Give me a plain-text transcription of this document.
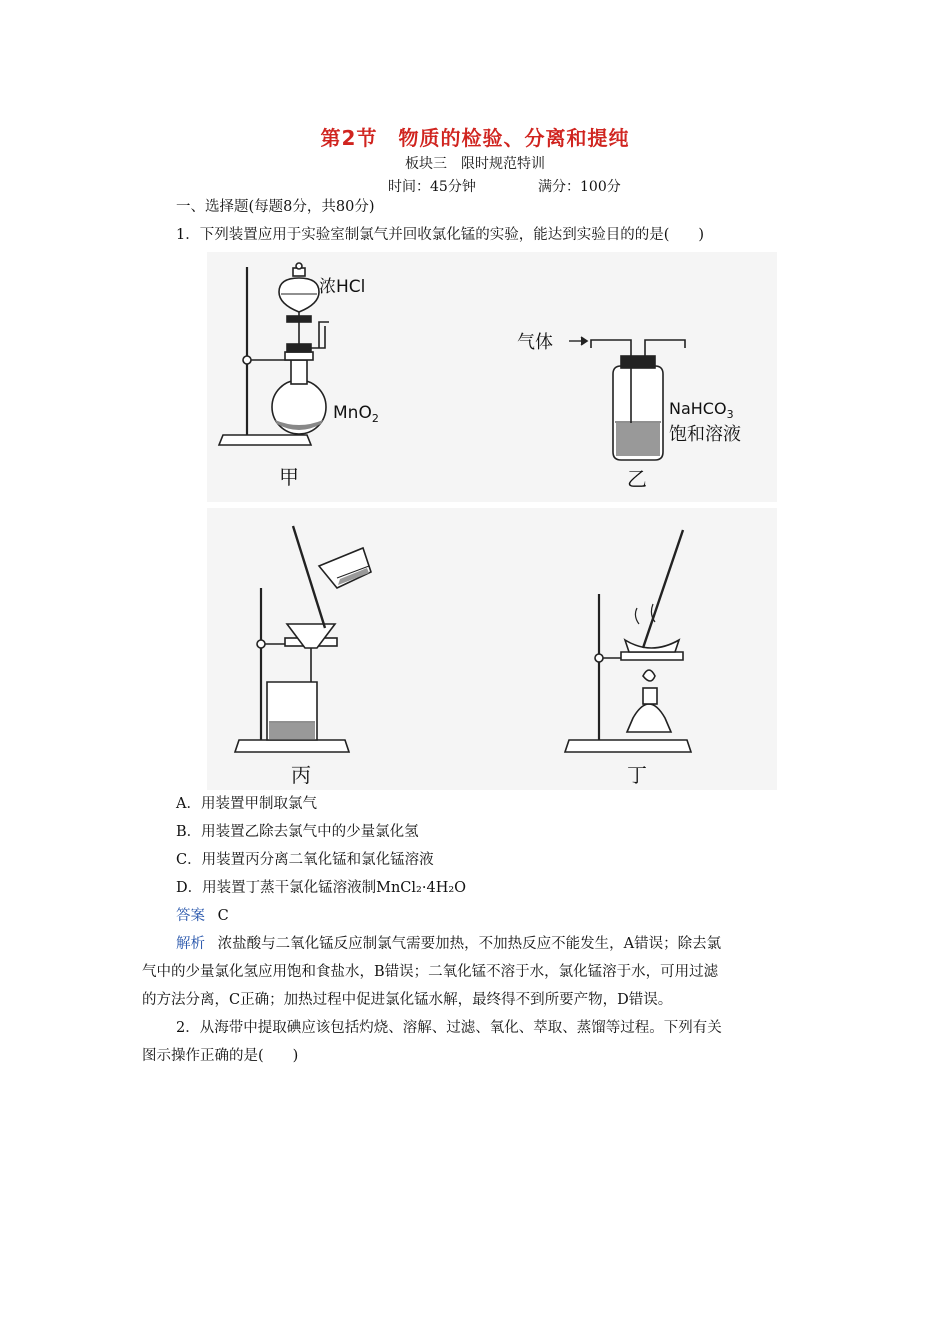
第2节　物质的检验、分离和提纯
板块三　限时规范特训
时间：45分钟	满分：100分
一、选择题(每题8分，共80分)
1．下列装置应用于实验室制氯气并回收氯化锰的实验，能达到实验目的的是(　　)
浓HCl
MnO$_2$
气体
NaHCO$_3$
饱和溶液
甲	乙
丙	丁
A．用装置甲制取氯气
B．用装置乙除去氯气中的少量氯化氢
C．用装置丙分离二氧化锰和氯化锰溶液
D．用装置丁蒸干氯化锰溶液制MnCl₂·4H₂O
答案 C
解析 浓盐酸与二氧化锰反应制氯气需要加热，不加热反应不能发生，A错误；除去氯
气中的少量氯化氢应用饱和食盐水，B错误；二氧化锰不溶于水，氯化锰溶于水，可用过滤
的方法分离，C正确；加热过程中促进氯化锰水解，最终得不到所要产物，D错误。
2．从海带中提取碘应该包括灼烧、溶解、过滤、氧化、萃取、蒸馏等过程。下列有关
图示操作正确的是(　　)
